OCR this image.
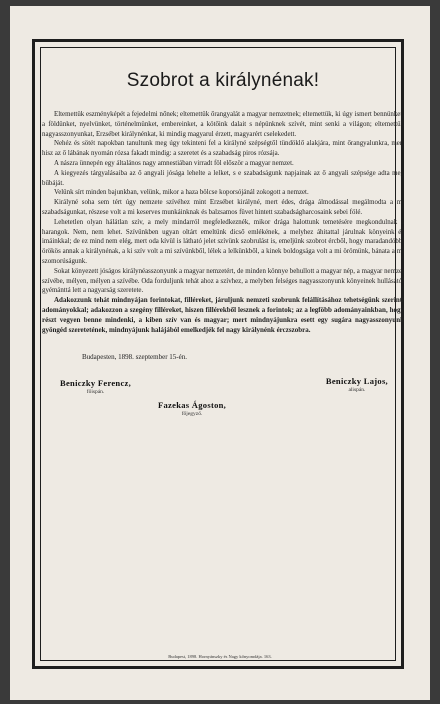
Szobrot a királynénak!

Eltemettük eszményképét a fejedelmi nőnek; eltemettük őrangyalát a magyar nemzetnek; eltemettük, ki úgy ismert bennünket, a földünket, nyelvünket, történelmünket, embereinket, a kötőink dalait s népünknek szívét, mint senki a világon; eltemettük nagyasszonyunkat, Erzsébet királynénkat, ki mindig magyarul érzett, magyarért cselekedett.

Nehéz és sötét napokban tanultunk meg úgy tekinteni fel a királyné szépségtől tündöklő alakjára, mint őrangyalunkra, mert hisz az ő lábának nyomán rózsa fakadt mindig: a szeretet és a szabadság piros rózsája.

A nászra ünnepén egy általános nagy amnestiában virradt föl először a magyar nemzet.

A kiegyezés tárgyalásaiba az ő angyali jósága lehelte a lelket, s e szabadságunk napjainak az ő angyali szépsége adta meg bűbáját.

Velünk sírt minden bajunkban, velünk, mikor a haza bölcse koporsójánál zokogott a nemzet.

Királyné soha sem tért úgy nemzete szívéhez mint Erzsébet királyné, mert édes, drága álmodással megálmodta a mi szabadságunkat, részese volt a mi keserves munkáinknak és balzsamos füvet hintett szabadságharcosaink sebei fölé.

Lehetetlen olyan hálátlan szív, a mely mindarról megfeledkeznék, mikor drága halottunk temetésére megkondulnak a harangok. Nem, nem lehet. Szívünkben ugyan oltárt emeltünk dicső emlékének, a melyhez áhitattal járulnak könyeink és imáinkkal; de ez mind nem elég, mert oda kívül is látható jelet szívünk szobrulást is, emeljünk szobrot ércből, hogy maradandóbb, örökös annak a királynénak, a ki szív volt a mi szívünkből, lélek a lelkünkből, a kinek boldogsága volt a mi örömünk, bánata a mi szomorúságunk.

Sokat könyezett jóságos királynéasszonyunk a magyar nemzetért, de minden könnye behullott a magyar nép, a magyar nemzet szívébe, mélyen, mélyen a szívébe. Oda forduljunk tehát ahoz a szívhez, a melyben felséges nagyasszonyunk könyeinek hullásától gyémánttá lett a nagyarság szeretete.

Adakozzunk tehát mindnyájan forintokat, filléreket, járuljunk nemzeti szobrunk felállításához tehetségünk szerinti adományokkal; adakozzon a szegény filléreket, hiszen fillérekből lesznek a forintok; az a legföbb adományainkban, hogy részt vegyen benne mindenki, a kiben szív van és magyar; mert mindnyájunkra esett egy sugára nagyasszonyunk gyöngéd szeretetének, mindnyájunk halájából emelkedjék fel nagy királynénk érczszobra.

Budapesten, 1898. szeptember 15-én.
Beniczky Ferencz,
főispán.
Beniczky Lajos,
alispán.
Fazekas Ágoston,
főjegyző.
Budapest, 1898. Hornyánszky és Nagy kőnyomdája. 163.
